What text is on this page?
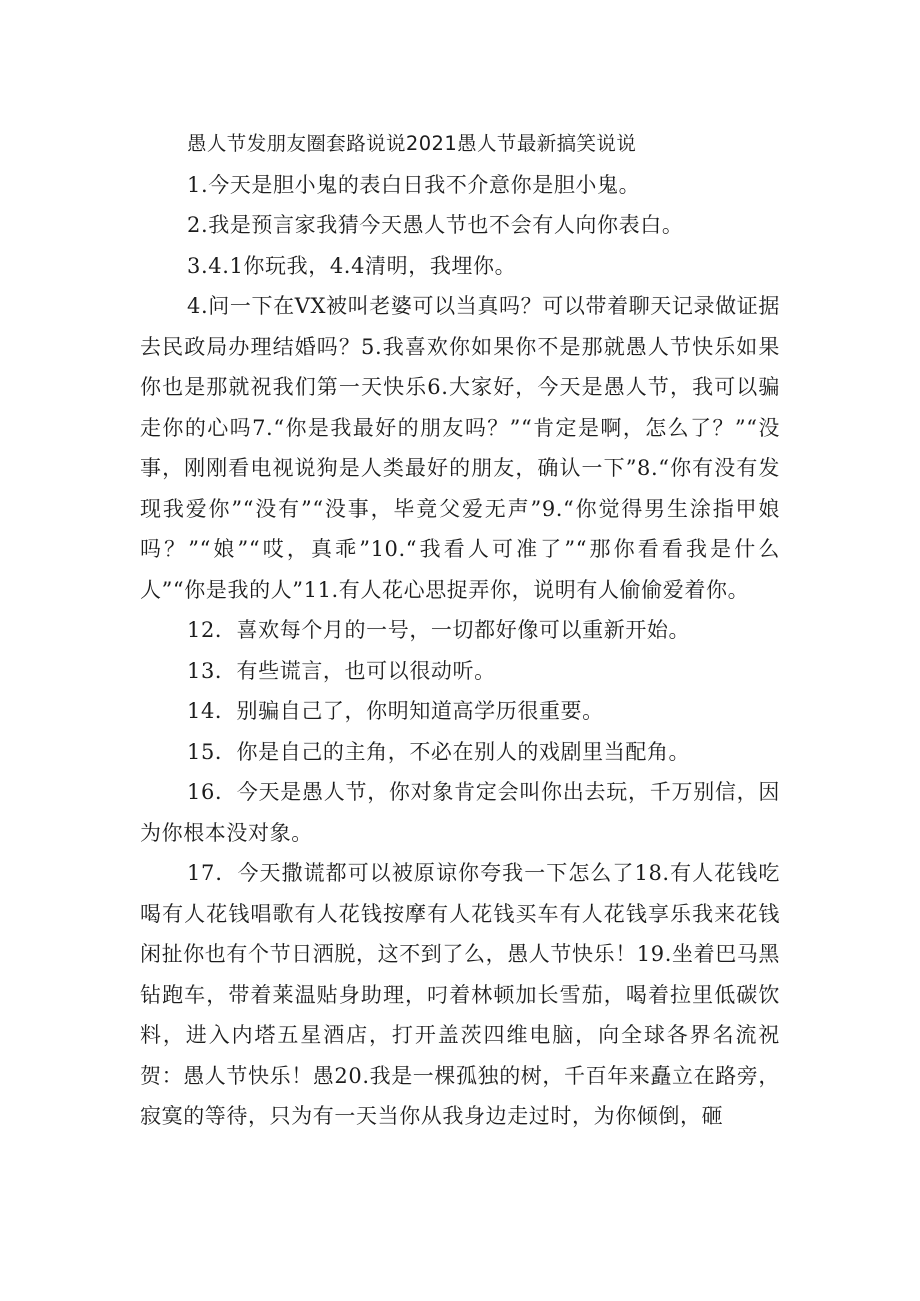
愚人节发朋友圈套路说说2021愚人节最新搞笑说说

1.今天是胆小鬼的表白日我不介意你是胆小鬼。

2.我是预言家我猜今天愚人节也不会有人向你表白。

3.4.1你玩我，4.4清明，我埋你。

4.问一下在VX被叫老婆可以当真吗？可以带着聊天记录做证据去民政局办理结婚吗？5.我喜欢你如果你不是那就愚人节快乐如果你也是那就祝我们第一天快乐6.大家好，今天是愚人节，我可以骗走你的心吗7.“你是我最好的朋友吗？”“肯定是啊，怎么了？”“没事，刚刚看电视说狗是人类最好的朋友，确认一下”8.“你有没有发现我爱你”“没有”“没事，毕竟父爱无声”9.“你觉得男生涂指甲娘吗？”“娘”“哎，真乖”10.“我看人可准了”“那你看看我是什么人”“你是我的人”11.有人花心思捉弄你，说明有人偷偷爱着你。

12．喜欢每个月的一号，一切都好像可以重新开始。

13．有些谎言，也可以很动听。

14．别骗自己了，你明知道高学历很重要。

15．你是自己的主角，不必在别人的戏剧里当配角。

16．今天是愚人节，你对象肯定会叫你出去玩，千万别信，因为你根本没对象。

17．今天撒谎都可以被原谅你夸我一下怎么了18.有人花钱吃喝有人花钱唱歌有人花钱按摩有人花钱买车有人花钱享乐我来花钱闲扯你也有个节日洒脱，这不到了么，愚人节快乐！19.坐着巴马黑钻跑车，带着莱温贴身助理，叼着林顿加长雪茄，喝着拉里低碳饮料，进入内塔五星酒店，打开盖茨四维电脑，向全球各界名流祝贺：愚人节快乐！愚20.我是一棵孤独的树，千百年来矗立在路旁，寂寞的等待，只为有一天当你从我身边走过时，为你倾倒，砸
